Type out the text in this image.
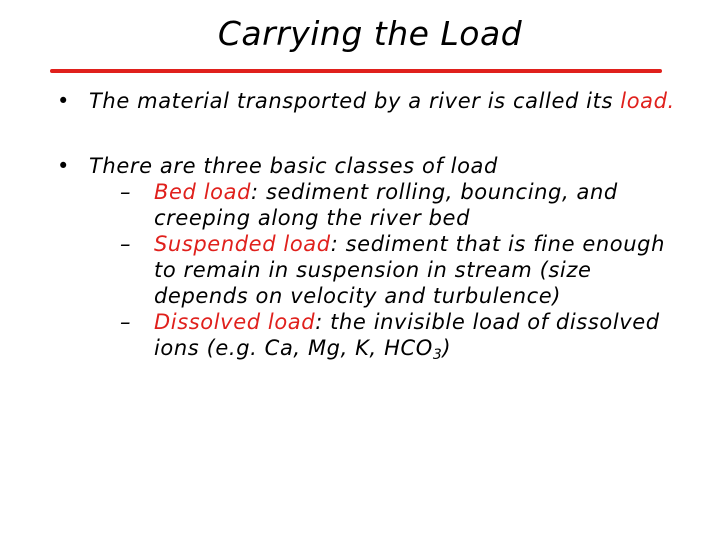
Carrying the Load
• The material transported by a river is called its load.
• There are three basic classes of load
–	Bed load: sediment rolling, bouncing, and creeping along the river bed
–	Suspended load: sediment that is fine enough to remain in suspension in stream (size depends on velocity and turbulence)
–	Dissolved load: the invisible load of dissolved ions (e.g. Ca, Mg, K, $HCO_3$)
